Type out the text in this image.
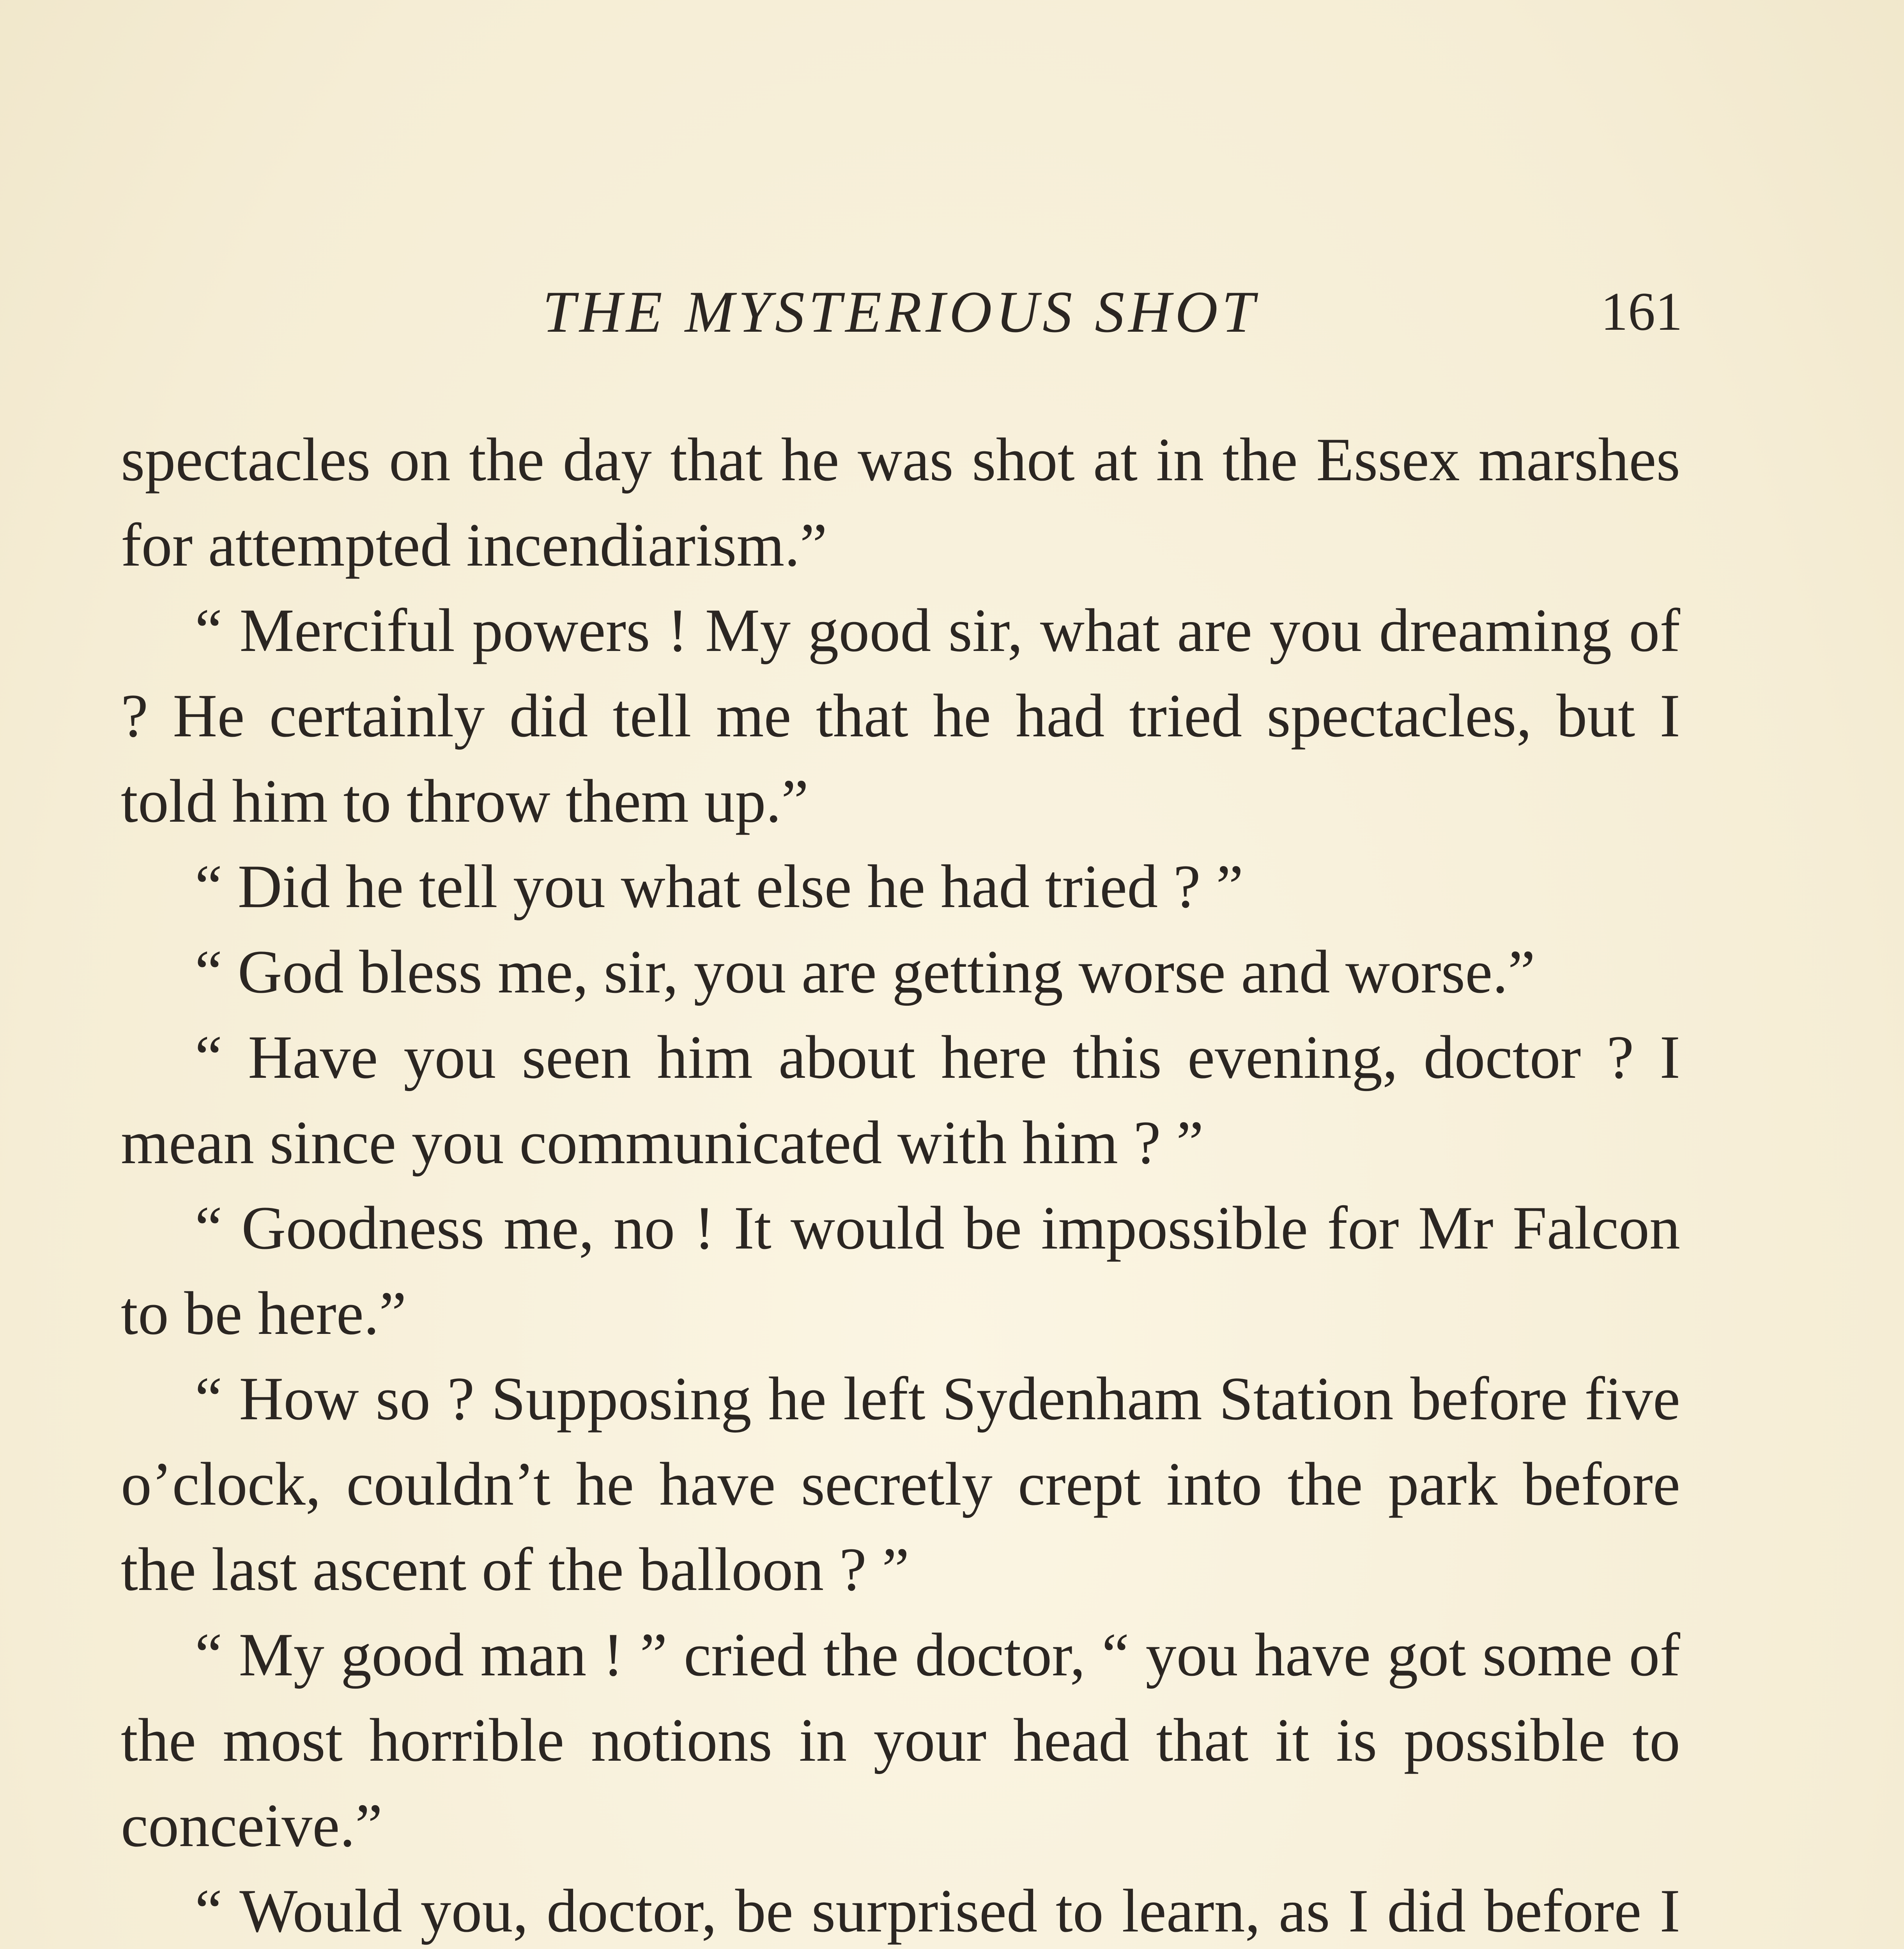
THE MYSTERIOUS SHOT	161

spectacles on the day that he was shot at in the Essex marshes for attempted incendiarism.”

“ Merciful powers ! My good sir, what are you dreaming of ? He certainly did tell me that he had tried spectacles, but I told him to throw them up.”

“ Did he tell you what else he had tried ? ”

“ God bless me, sir, you are getting worse and worse.”

“ Have you seen him about here this evening, doctor ? I mean since you communicated with him ? ”

“ Goodness me, no ! It would be impossible for Mr Falcon to be here.”

“ How so ? Supposing he left Sydenham Station before five o’clock, couldn’t he have secretly crept into the park before the last ascent of the balloon ? ”

“ My good man ! ” cried the doctor, “ you have got some of the most horrible notions in your head that it is possible to conceive.”

“ Would you, doctor, be surprised to learn, as I did before I
